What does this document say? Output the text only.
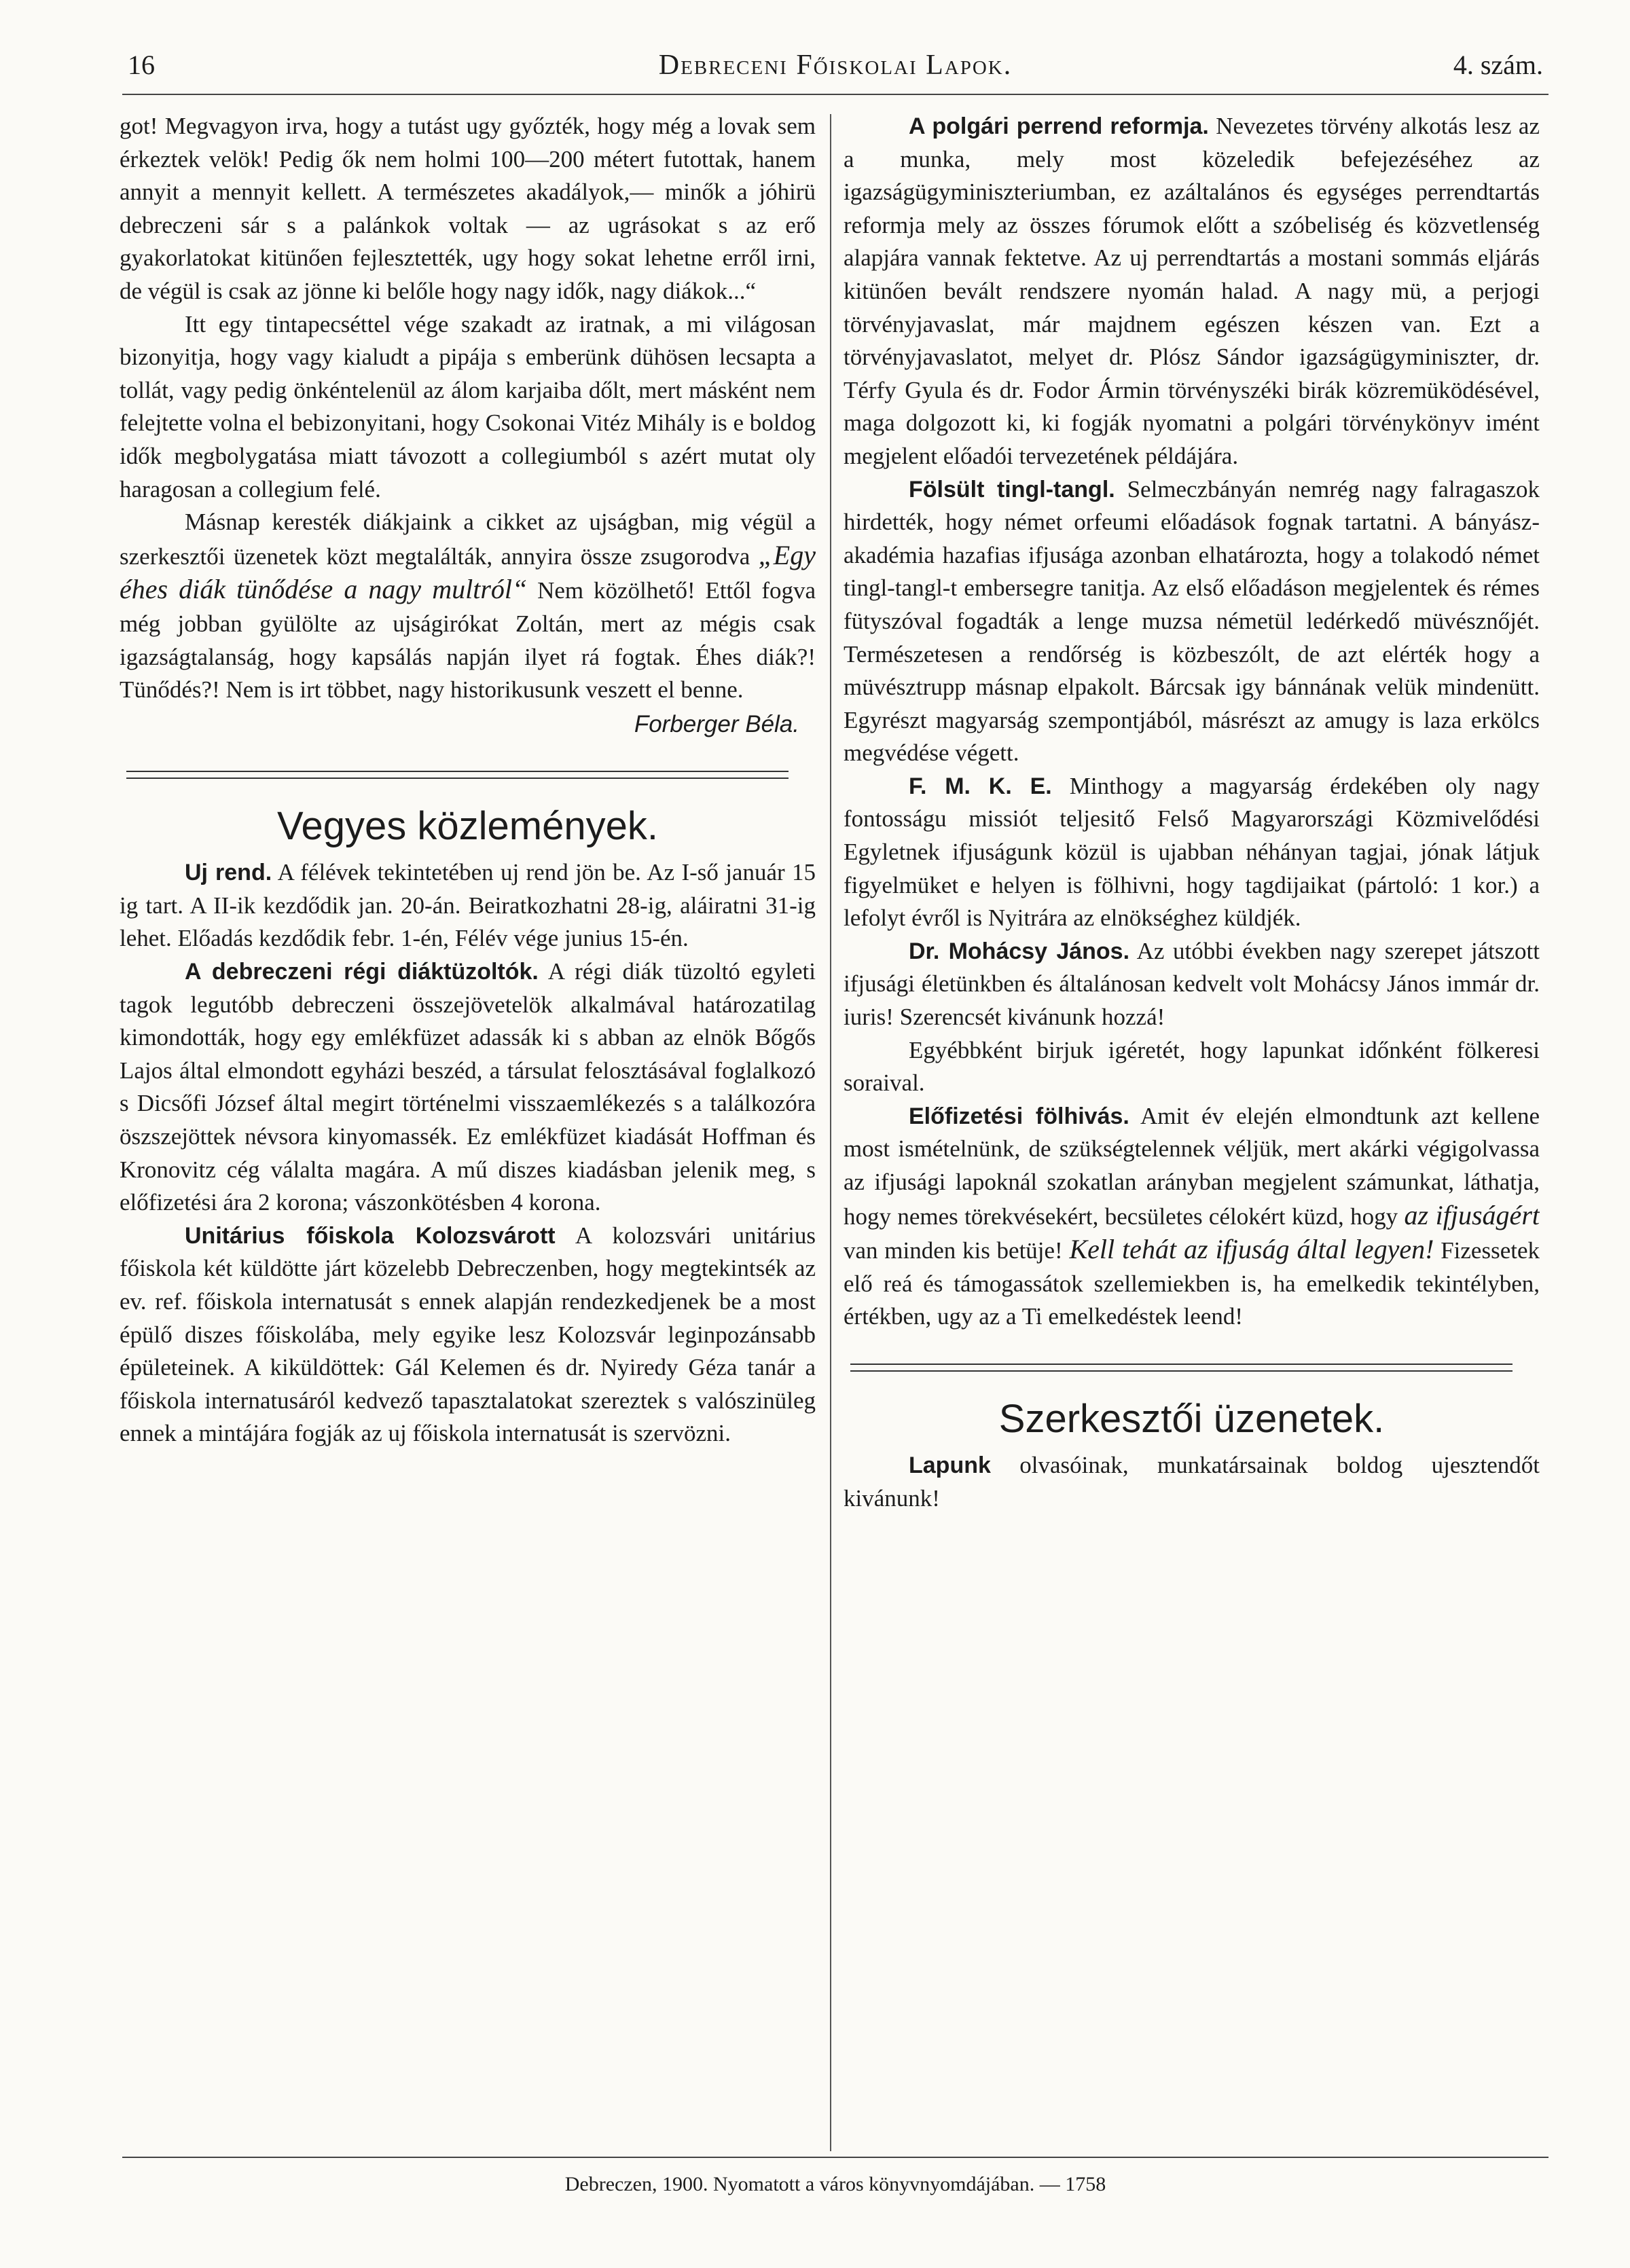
16	Debreceni Főiskolai Lapok.	4. szám.

got! Megvagyon irva, hogy a tutást ugy győzték, hogy még a lovak sem érkeztek velök! Pedig ők nem holmi 100—200 métert futottak, hanem annyit a mennyit kellett. A természetes akadályok,— minők a jóhirü debreczeni sár s a palánkok voltak — az ugrásokat s az erő gyakorlatokat kitünően fejlesztették, ugy hogy sokat lehetne erről irni, de végül is csak az jönne ki belőle hogy nagy idők, nagy diákok...“

Itt egy tintapecséttel vége szakadt az iratnak, a mi világosan bizonyitja, hogy vagy kialudt a pipája s emberünk dühösen lecsapta a tollát, vagy pedig önkéntelenül az álom karjaiba dőlt, mert másként nem felejtette volna el bebizonyitani, hogy Csokonai Vitéz Mihály is e boldog idők megbolygatása miatt távozott a collegiumból s azért mutat oly haragosan a collegium felé.

Másnap keresték diákjaink a cikket az ujságban, mig végül a szerkesztői üzenetek közt megtalálták, annyira össze zsugorodva „Egy éhes diák tünődése a nagy multról“ Nem közölhető! Ettől fogva még jobban gyülölte az ujságirókat Zoltán, mert az mégis csak igazságtalanság, hogy kapsálás napján ilyet rá fogtak. Éhes diák?! Tünődés?! Nem is irt többet, nagy historikusunk veszett el benne.

Forberger Béla.

Vegyes közlemények.

Uj rend. A félévek tekintetében uj rend jön be. Az I-ső január 15 ig tart. A II-ik kezdődik jan. 20-án. Beiratkozhatni 28-ig, aláiratni 31-ig lehet. Előadás kezdődik febr. 1-én, Félév vége junius 15-én.

A debreczeni régi diáktüzoltók. A régi diák tüzoltó egyleti tagok legutóbb debreczeni összejövetelök alkalmával határozatilag kimondották, hogy egy emlékfüzet adassák ki s abban az elnök Bőgős Lajos által elmondott egyházi beszéd, a társulat felosztásával foglalkozó s Dicsőfi József által megirt történelmi visszaemlékezés s a találkozóra öszszejöttek névsora kinyomassék. Ez emlékfüzet kiadását Hoffman és Kronovitz cég válalta magára. A mű diszes kiadásban jelenik meg, s előfizetési ára 2 korona; vászonkötésben 4 korona.

Unitárius főiskola Kolozsvárott A kolozsvári unitárius főiskola két küldötte járt közelebb Debreczenben, hogy megtekintsék az ev. ref. főiskola internatusát s ennek alapján rendezkedjenek be a most épülő diszes főiskolába, mely egyike lesz Kolozsvár leginpozánsabb épületeinek. A kiküldöttek: Gál Kelemen és dr. Nyiredy Géza tanár a főiskola internatusáról kedvező tapasztalatokat szereztek s valószinüleg ennek a mintájára fogják az uj főiskola internatusát is szervözni.

A polgári perrend reformja. Nevezetes törvény alkotás lesz az a munka, mely most közeledik befejezéséhez az igazságügyminiszteriumban, ez azáltalános és egységes perrendtartás reformja mely az összes fórumok előtt a szóbeliség és közvetlenség alapjára vannak fektetve. Az uj perrendtartás a mostani sommás eljárás kitünően bevált rendszere nyomán halad. A nagy mü, a perjogi törvényjavaslat, már majdnem egészen készen van. Ezt a törvényjavaslatot, melyet dr. Plósz Sándor igazságügyminiszter, dr. Térfy Gyula és dr. Fodor Ármin törvényszéki birák közremüködésével, maga dolgozott ki, ki fogják nyomatni a polgári törvénykönyv imént megjelent előadói tervezetének példájára.

Fölsült tingl-tangl. Selmeczbányán nemrég nagy falragaszok hirdették, hogy német orfeumi előadások fognak tartatni. A bányász-akadémia hazafias ifjusága azonban elhatározta, hogy a tolakodó német tingl-tangl-t embersegre tanitja. Az első előadáson megjelentek és rémes fütyszóval fogadták a lenge muzsa németül ledérkedő müvésznőjét. Természetesen a rendőrség is közbeszólt, de azt elérték hogy a müvésztrupp másnap elpakolt. Bárcsak igy bánnának velük mindenütt. Egyrészt magyarság szempontjából, másrészt az amugy is laza erkölcs megvédése végett.

F. M. K. E. Minthogy a magyarság érdekében oly nagy fontosságu missiót teljesitő Felső Magyarországi Közmivelődési Egyletnek ifjuságunk közül is ujabban néhányan tagjai, jónak látjuk figyelmüket e helyen is fölhivni, hogy tagdijaikat (pártoló: 1 kor.) a lefolyt évről is Nyitrára az elnökséghez küldjék.

Dr. Mohácsy János. Az utóbbi években nagy szerepet játszott ifjusági életünkben és általánosan kedvelt volt Mohácsy János immár dr. iuris! Szerencsét kivánunk hozzá!

Egyébbként birjuk igéretét, hogy lapunkat időnként fölkeresi soraival.

Előfizetési fölhivás. Amit év elején elmondtunk azt kellene most ismételnünk, de szükségtelennek véljük, mert akárki végigolvassa az ifjusági lapoknál szokatlan arányban megjelent számunkat, láthatja, hogy nemes törekvésekért, becsületes célokért küzd, hogy az ifjuságért van minden kis betüje! Kell tehát az ifjuság által legyen! Fizessetek elő reá és támogassátok szellemiekben is, ha emelkedik tekintélyben, értékben, ugy az a Ti emelkedéstek leend!

Szerkesztői üzenetek.

Lapunk olvasóinak, munkatársainak boldog ujesztendőt kivánunk!

Debreczen, 1900. Nyomatott a város könyvnyomdájában. — 1758
